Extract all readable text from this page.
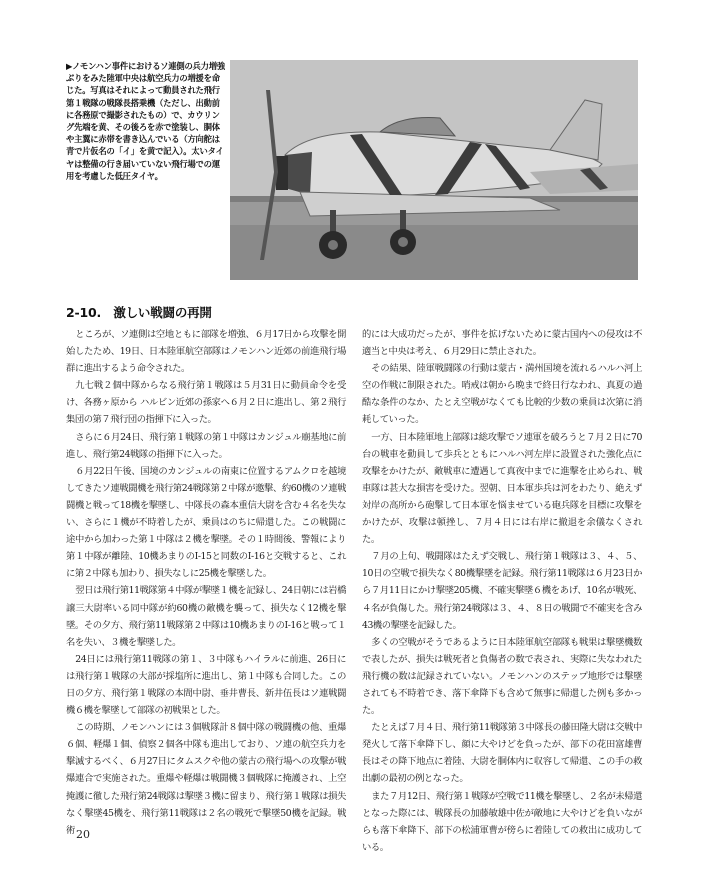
▶ノモンハン事件におけるソ連側の兵力増強ぶりをみた陸軍中央は航空兵力の増援を命じた。写真はそれによって動員された飛行第１戦隊の戦隊長搭乗機（ただし、出動前に各務原で撮影されたもの）で、カウリング先端を黄、その後ろを赤で塗装し、胴体や主翼に赤帯を書き込んでいる（方向舵は青で片仮名の「イ」を黄で記入）。太いタイヤは整備の行き届いていない飛行場での運用を考慮した低圧タイヤ。
2-10.　激しい戦闘の再開

ところが、ソ連側は空地ともに部隊を増強、６月17日から攻撃を開始したため、19日、日本陸軍航空部隊はノモンハン近郊の前進飛行場群に進出するよう命令された。

九七戦２個中隊からなる飛行第１戦隊は５月31日に動員命令を受け、各務ヶ原から ハルビン近郊の孫家へ６月２日に進出し、第２飛行集団の第７飛行団の指揮下に入った。

さらに６月24日、飛行第１戦隊の第１中隊はカンジュル廟基地に前進し、飛行第24戦隊の指揮下に入った。

６月22日午後、国境のカンジュルの南東に位置するアムクロを越境してきたソ連戦闘機を飛行第24戦隊第２中隊が邀撃、約60機のソ連戦闘機と戦って18機を撃墜し、中隊長の森本重信大尉を含む４名を失ない、さらに１機が不時着したが、乗員はのちに帰還した。この戦闘に途中から加わった第１中隊は２機を撃墜。その１時間後、警報により第１中隊が離陸、10機あまりのI-15と同数のI-16と交戦すると、これに第２中隊も加わり、損失なしに25機を撃墜した。

翌日は飛行第11戦隊第４中隊が撃墜１機を記録し、24日朝には岩橋譲三大尉率いる同中隊が約60機の敵機を襲って、損失なく12機を撃墜。その夕方、飛行第11戦隊第２中隊は10機あまりのI-16と戦って１名を失い、３機を撃墜した。

24日には飛行第11戦隊の第１、３中隊もハイラルに前進、26日には飛行第１戦隊の大部が採塩所に進出し、第１中隊も合同した。この日の夕方、飛行第１戦隊の本間中尉、垂井曹長、新井伍長はソ連戦闘機６機を撃墜して部隊の初戦果とした。

この時期、ノモンハンには３個戦隊計８個中隊の戦闘機の他、重爆６個、軽爆１個、偵察２個各中隊も進出しており、ソ連の航空兵力を撃滅するべく、６月27日にタムスクや他の蒙古の飛行場への攻撃が戦爆連合で実施された。重爆や軽爆は戦闘機３個戦隊に掩護され、上空掩護に徹した飛行第24戦隊は撃墜３機に留まり、飛行第１戦隊は損失なく撃墜45機を、飛行第11戦隊は２名の戦死で撃墜50機を記録。戦術

的には大成功だったが、事件を拡げないために蒙古国内への侵攻は不適当と中央は考え、６月29日に禁止された。

その結果、陸軍戦闘隊の行動は蒙古・満州国境を流れるハルハ河上空の作戦に制限された。哨戒は朝から晩まで終日行なわれ、真夏の過酷な条件のなか、たとえ空戦がなくても比較的少数の乗員は次第に消耗していった。

一方、日本陸軍地上部隊は総攻撃でソ連軍を破ろうと７月２日に70台の戦車を動員して歩兵とともにハルハ河左岸に設置された強化点に攻撃をかけたが、敵戦車に遭遇して真夜中までに進撃を止められ、戦車隊は甚大な損害を受けた。翌朝、日本軍歩兵は河をわたり、絶えず対岸の高所から砲撃して日本軍を悩ませている砲兵隊を目標に攻撃をかけたが、攻撃は頓挫し、７月４日には右岸に撤退を余儀なくされた。

７月の上旬、戦闘隊はたえず交戦し、飛行第１戦隊は３、４、５、10日の空戦で損失なく80機撃墜を記録。飛行第11戦隊は６月23日から７月11日にかけ撃墜205機、不確実撃墜６機をあげ、10名が戦死、４名が負傷した。飛行第24戦隊は３、４、８日の戦闘で不確実を含み43機の撃墜を記録した。

多くの空戦がそうであるように日本陸軍航空部隊も戦果は撃墜機数で表したが、損失は戦死者と負傷者の数で表され、実際に失なわれた飛行機の数は記録されていない。ノモンハンのステップ地形では撃墜されても不時着でき、落下傘降下も含めて無事に帰還した例も多かった。

たとえば７月４日、飛行第11戦隊第３中隊長の藤田隆大尉は交戦中発火して落下傘降下し、顔に大やけどを負ったが、部下の花田富雄曹長はその降下地点に着陸、大尉を胴体内に収容して帰還、この手の救出劇の最初の例となった。

また７月12日、飛行第１戦隊が空戦で11機を撃墜し、２名が未帰還となった際には、戦隊長の加藤敏雄中佐が敵地に大やけどを負いながらも落下傘降下、部下の松浦軍曹が傍らに着陸しての救出に成功している。

20
